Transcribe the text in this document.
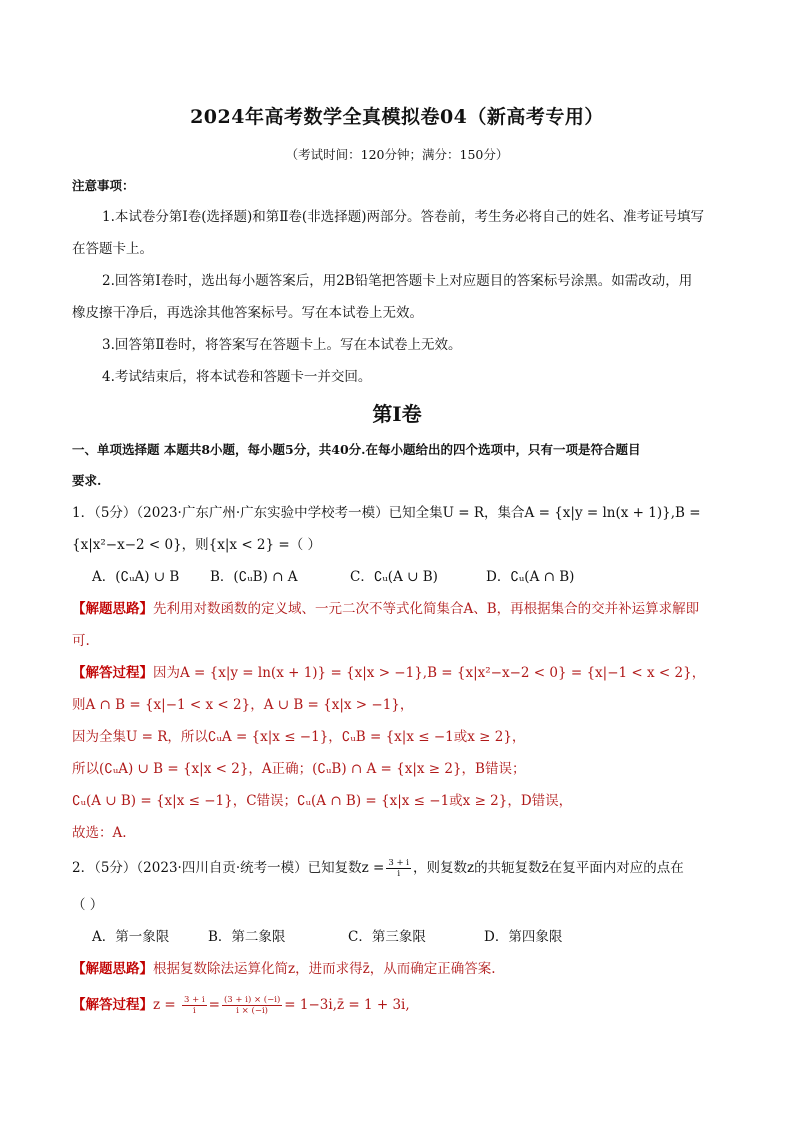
2024年高考数学全真模拟卷04（新高考专用）
（考试时间：120分钟；满分：150分）
注意事项：
1.本试卷分第Ⅰ卷(选择题)和第Ⅱ卷(非选择题)两部分。答卷前，考生务必将自己的姓名、准考证号填写
在答题卡上。
2.回答第Ⅰ卷时，选出每小题答案后，用2B铅笔把答题卡上对应题目的答案标号涂黑。如需改动，用
橡皮擦干净后，再选涂其他答案标号。写在本试卷上无效。
3.回答第Ⅱ卷时，将答案写在答题卡上。写在本试卷上无效。
4.考试结束后，将本试卷和答题卡一并交回。
第Ⅰ卷
一、单项选择题 本题共8小题，每小题5分，共40分.在每小题给出的四个选项中，只有一项是符合题目
要求.
1．（5分）（2023·广东广州·广东实验中学校考一模）已知全集U = R，集合A = {x|y = ln(x + 1)},B =
{x|x²−x−2 < 0}，则{x|x < 2} =（ ）
A．(∁ᵤA) ∪ B B．(∁ᵤB) ∩ A	C．∁ᵤ(A ∪ B)	D．∁ᵤ(A ∩ B)
【解题思路】先利用对数函数的定义域、一元二次不等式化简集合A、B，再根据集合的交并补运算求解即
可.
【解答过程】因为A = {x|y = ln(x + 1)} = {x|x > −1},B = {x|x²−x−2 < 0} = {x|−1 < x < 2}，
则A ∩ B = {x|−1 < x < 2}，A ∪ B = {x|x > −1}，
因为全集U = R，所以∁ᵤA = {x|x ≤ −1}，∁ᵤB = {x|x ≤ −1或x ≥ 2}，
所以(∁ᵤA) ∪ B = {x|x < 2}，A正确；(∁ᵤB) ∩ A = {x|x ≥ 2}，B错误；
∁ᵤ(A ∪ B) = {x|x ≤ −1}，C错误；∁ᵤ(A ∩ B) = {x|x ≤ −1或x ≥ 2}，D错误，
故选：A.
2．（5分）（2023·四川自贡·统考一模）已知复数$z = \frac{3 + i}{i}$ ，则复数z的共轭复数z̄在复平面内对应的点在
（ ）
A．第一象限	B．第二象限	C．第三象限	D．第四象限
【解题思路】根据复数除法运算化简z，进而求得z̄，从而确定正确答案.
【解答过程】$z = \frac{3 + i}{i} = \frac{(3 + i) \times (-i)}{i \times (-i)}$ = 1−3i,z̄ = 1 + 3i,
